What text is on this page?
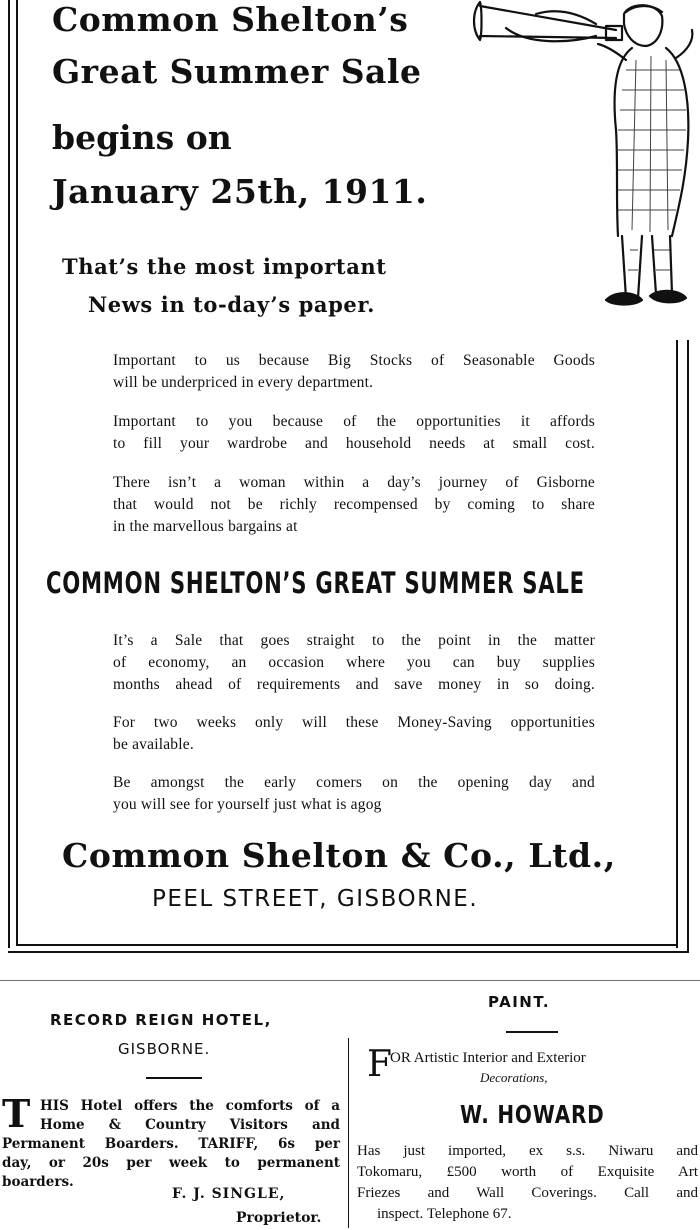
Common Shelton’s
Great Summer Sale
begins on
January 25th, 1911.
That’s the most important
News in to-day’s paper.
Important to us because Big Stocks of Seasonable Goods
will be underpriced in every department.
Important to you because of the opportunities it affords
to fill your wardrobe and household needs at small cost.
There isn’t a woman within a day’s journey of Gisborne
that would not be richly recompensed by coming to share
in the marvellous bargains at
COMMON SHELTON’S GREAT SUMMER SALE
It’s a Sale that goes straight to the point in the matter
of economy, an occasion where you can buy supplies
months ahead of requirements and save money in so doing.
For two weeks only will these Money-Saving opportunities
be available.
Be amongst the early comers on the opening day and
you will see for yourself just what is agog
Common Shelton & Co., Ltd.,
PEEL STREET, GISBORNE.
RECORD REIGN HOTEL,
GISBORNE.
T HIS Hotel offers the comforts of a
Home & Country Visitors and
Permanent Boarders. TARIFF, 6s per
day, or 20s per week to permanent
boarders.
F. J. SINGLE,
Proprietor.
PAINT.
F
OR Artistic Interior and Exterior
Decorations,
W. HOWARD
Has just imported, ex s.s. Niwaru and
Tokomaru, £500 worth of Exquisite Art
Friezes and Wall Coverings. Call and
inspect. Telephone 67.
